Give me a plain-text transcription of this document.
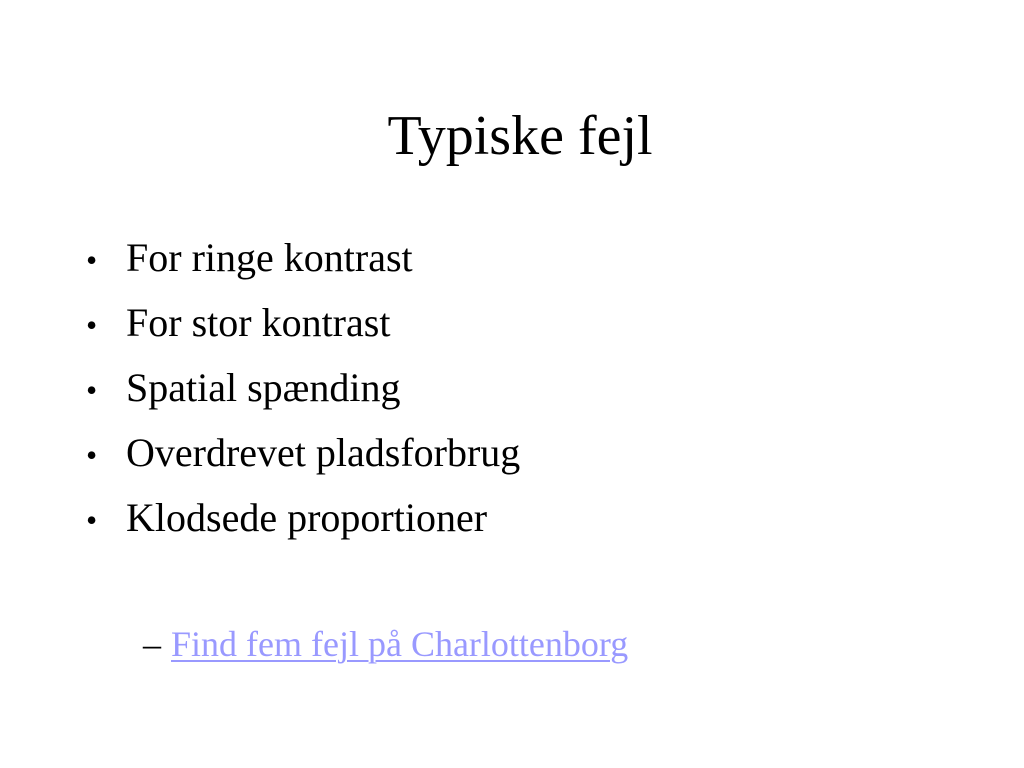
Typiske fejl
• For ringe kontrast
• For stor kontrast
• Spatial spænding
• Overdrevet pladsforbrug
• Klodsede proportioner
– Find fem fejl på Charlottenborg
